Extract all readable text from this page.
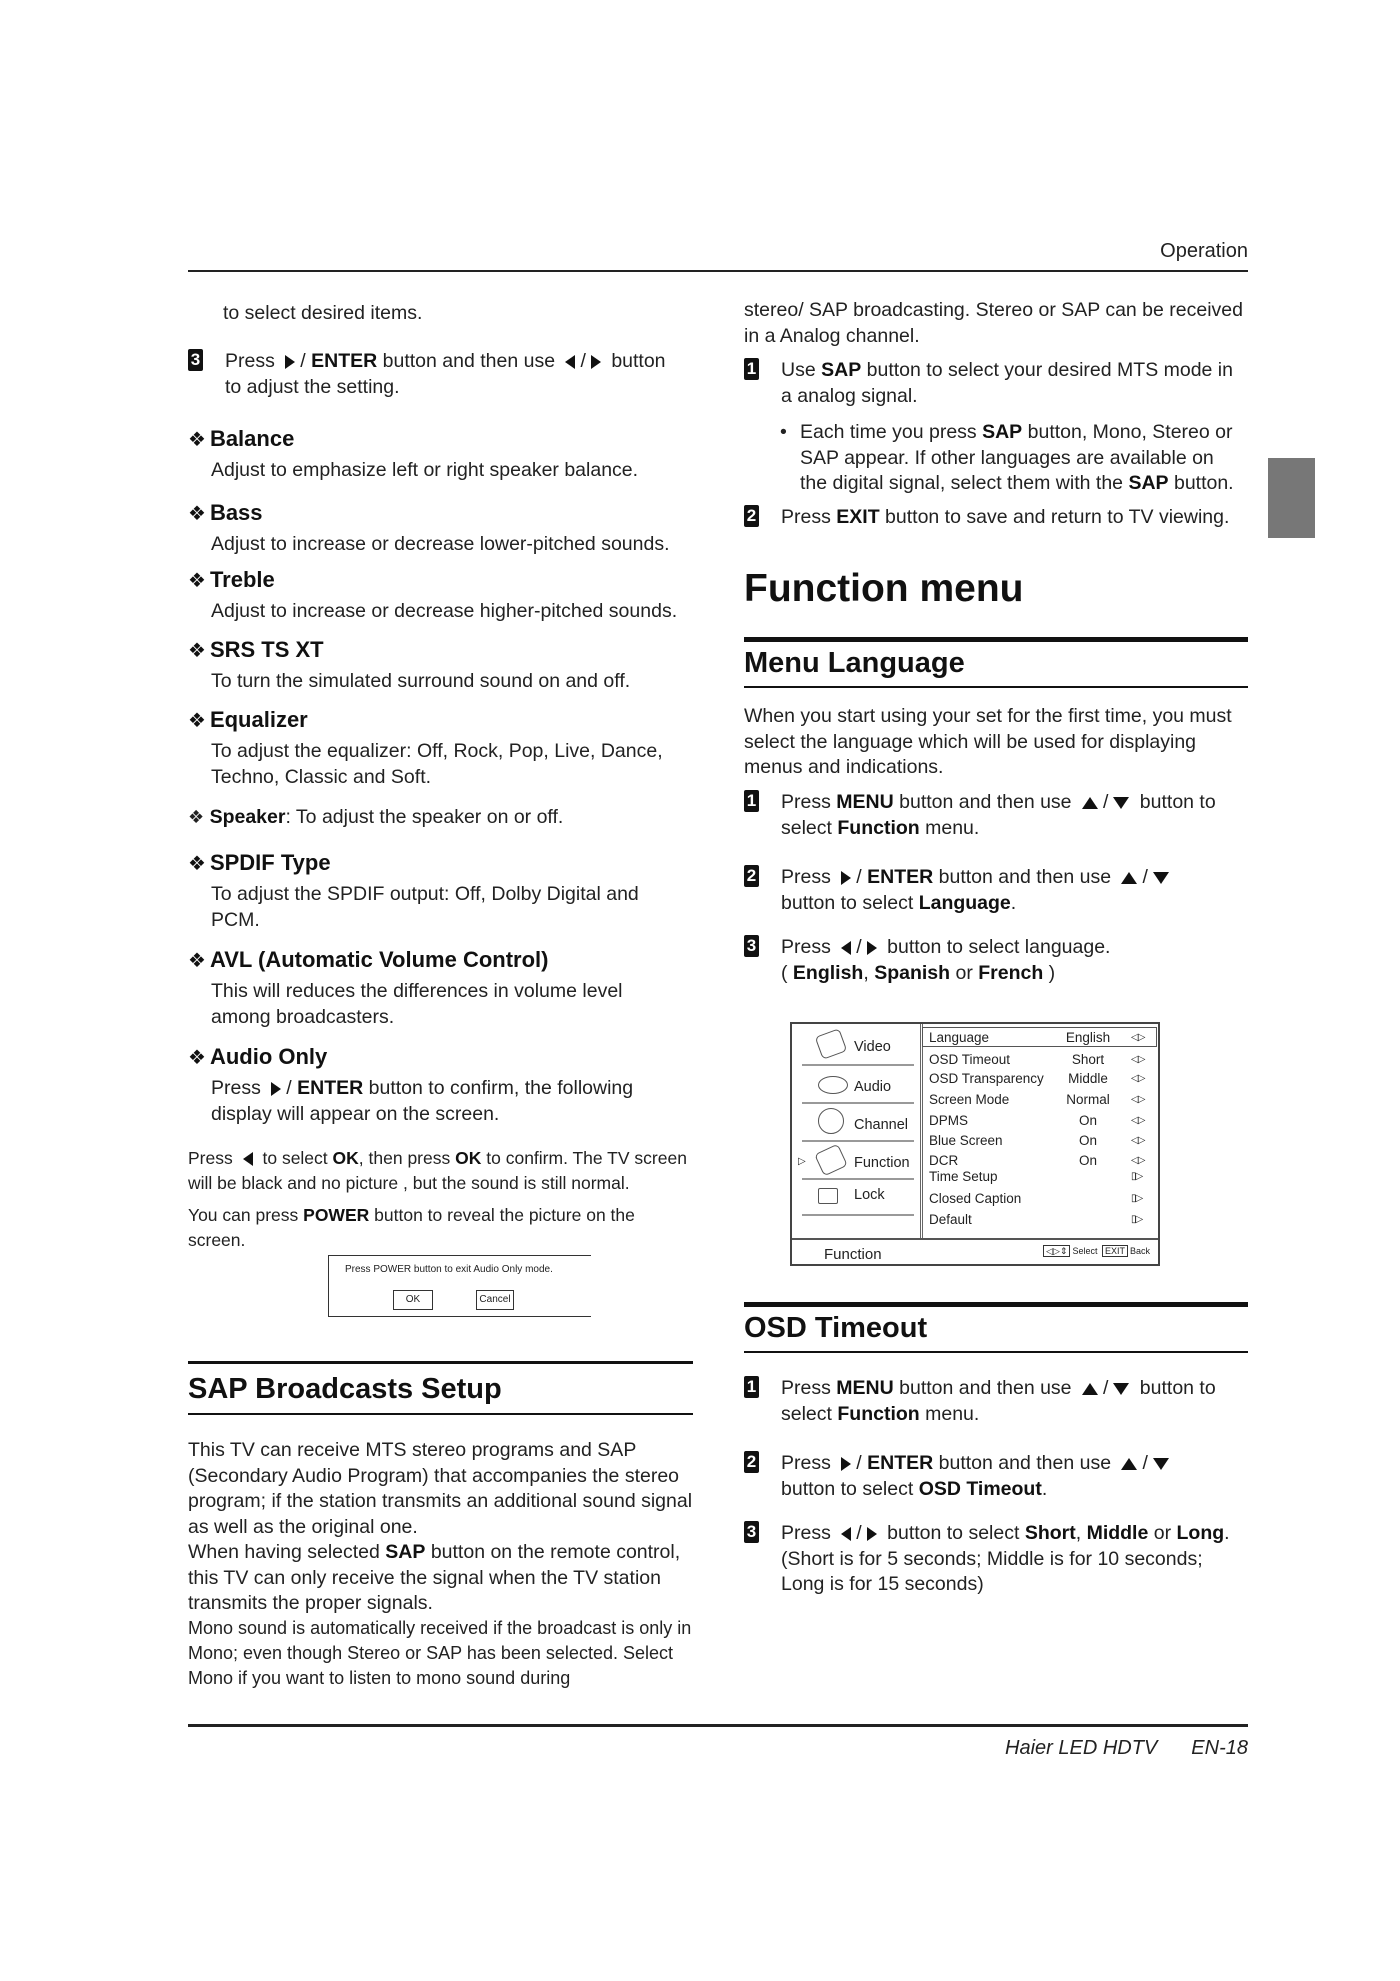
Operation
Haier LED HDTV EN-18
to select desired items.
3 Press / ENTER button and then use / button
to adjust the setting.
❖ Balance
Adjust to emphasize left or right speaker balance.
❖ Bass
Adjust to increase or decrease lower-pitched sounds.
❖ Treble
Adjust to increase or decrease higher-pitched sounds.
❖ SRS TS XT
To turn the simulated surround sound on and off.
❖ Equalizer
To adjust the equalizer: Off, Rock, Pop, Live, Dance, Techno, Classic and Soft.
❖ Speaker: To adjust the speaker on or off.
❖ SPDIF Type
To adjust the SPDIF output: Off, Dolby Digital and PCM.
❖ AVL (Automatic Volume Control)
This will reduces the differences in volume level among broadcasters.
❖ Audio Only
Press / ENTER button to confirm, the following
display will appear on the screen.
Press to select OK, then press OK to confirm. The TV screen will be black and no picture , but the sound is still normal.
You can press POWER button to reveal the picture on the screen.
SAP Broadcasts Setup
This TV can receive MTS stereo programs and SAP (Secondary Audio Program) that accompanies the stereo program; if the station transmits an additional sound signal as well as the original one.
When having selected SAP button on the remote control, this TV can only receive the signal when the TV station transmits the proper signals.
Mono sound is automatically received if the broadcast is only in Mono; even though Stereo or SAP has been selected. Select Mono if you want to listen to mono sound during
Press POWER button to exit Audio Only mode.
OK	Cancel
stereo/ SAP broadcasting. Stereo or SAP can be received in a Analog channel.
1 Use SAP button to select your desired MTS mode in a analog signal.
• Each time you press SAP button, Mono, Stereo or SAP appear. If other languages are available on the digital signal, select them with the SAP button.
2 Press EXIT button to save and return to TV viewing.
Function menu
Menu Language
When you start using your set for the first time, you must select the language which will be used for displaying menus and indications.
1 Press MENU button and then use / button to
select Function menu.
2 Press / ENTER button and then use /
button to select Language.
3 Press / button to select language.
( English, Spanish or French )
OSD Timeout
1 Press MENU button and then use / button to
select Function menu.
2 Press / ENTER button and then use /
button to select OSD Timeout.
3 Press / button to select Short, Middle or Long.
(Short is for 5 seconds; Middle is for 10 seconds; Long is for 15 seconds)
Video
Audio
Channel
▷	Function
Lock
Language	English	◁▷
OSD Timeout	Short	◁▷
OSD Transparency	Middle	◁▷
Screen Mode	Normal	◁▷
DPMS	On	◁▷
Blue Screen	On	◁▷
DCR	On	◁▷
Time Setup	▯▷
Closed Caption	▯▷
Default	▯▷
Function	◁▷⇕ Select EXIT Back
